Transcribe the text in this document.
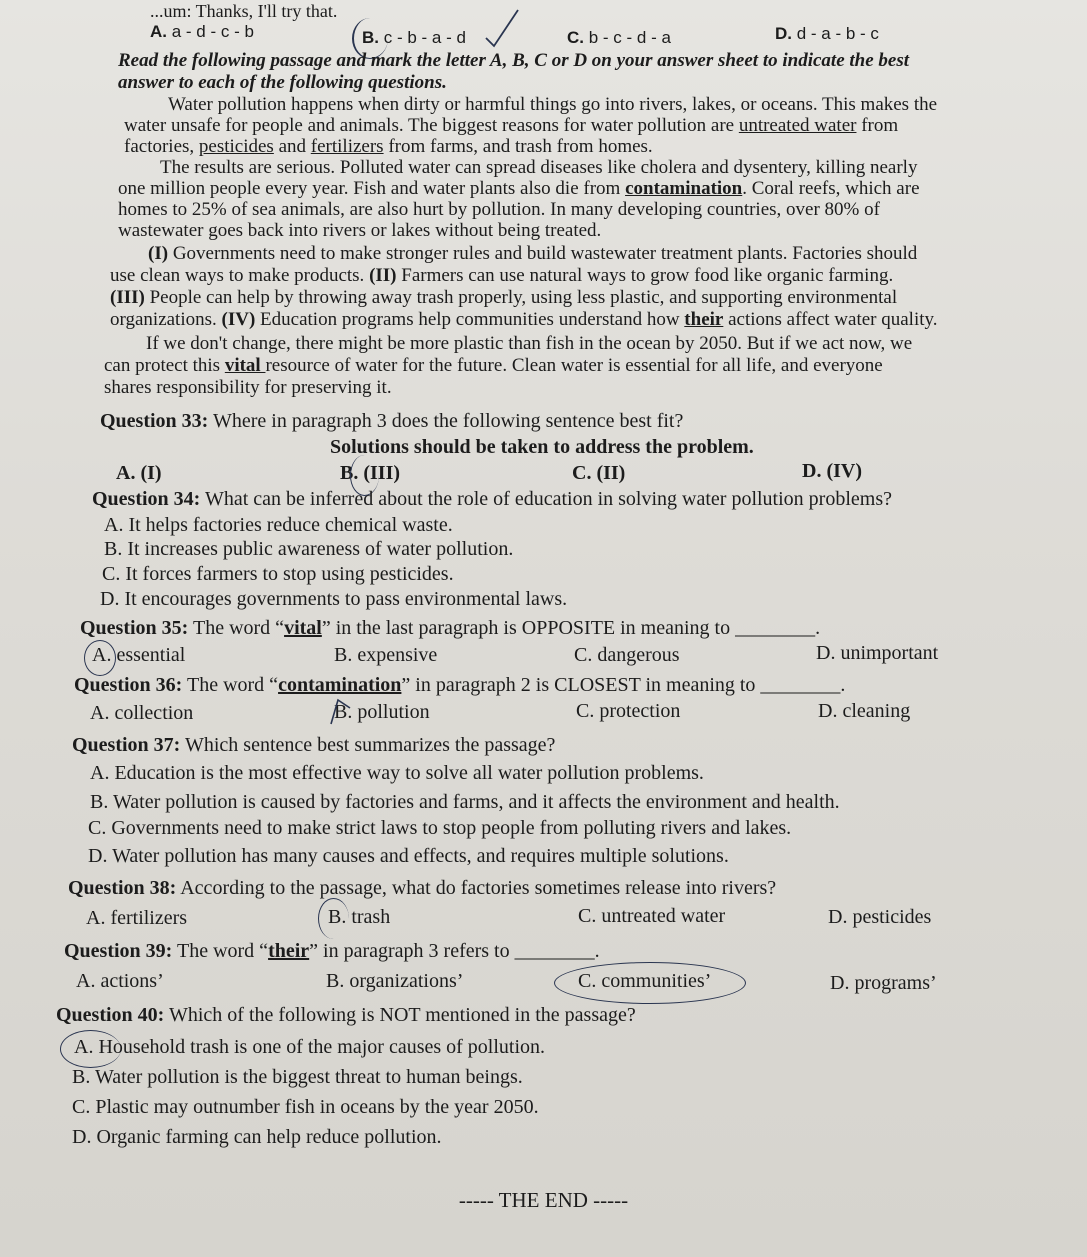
...um: Thanks, I'll try that.
A. a - d - c - b	B. c - b - a - d	C. b - c - d - a	D. d - a - b - c
Read the following passage and mark the letter A, B, C or D on your answer sheet to indicate the best
answer to each of the following questions.
Water pollution happens when dirty or harmful things go into rivers, lakes, or oceans. This makes the
water unsafe for people and animals. The biggest reasons for water pollution are untreated water from
factories, pesticides and fertilizers from farms, and trash from homes.
The results are serious. Polluted water can spread diseases like cholera and dysentery, killing nearly
one million people every year. Fish and water plants also die from contamination. Coral reefs, which are
homes to 25% of sea animals, are also hurt by pollution. In many developing countries, over 80% of
wastewater goes back into rivers or lakes without being treated.
(I) Governments need to make stronger rules and build wastewater treatment plants. Factories should
use clean ways to make products. (II) Farmers can use natural ways to grow food like organic farming.
(III) People can help by throwing away trash properly, using less plastic, and supporting environmental
organizations. (IV) Education programs help communities understand how their actions affect water quality.
If we don't change, there might be more plastic than fish in the ocean by 2050. But if we act now, we
can protect this vital resource of water for the future. Clean water is essential for all life, and everyone
shares responsibility for preserving it.
Question 33: Where in paragraph 3 does the following sentence best fit?
Solutions should be taken to address the problem.
A. (I)	B. (III)	C. (II)	D. (IV)
Question 34: What can be inferred about the role of education in solving water pollution problems?
A. It helps factories reduce chemical waste.
B. It increases public awareness of water pollution.
C. It forces farmers to stop using pesticides.
D. It encourages governments to pass environmental laws.
Question 35: The word “vital” in the last paragraph is OPPOSITE in meaning to ________.
A. essential	B. expensive	C. dangerous	D. unimportant
Question 36: The word “contamination” in paragraph 2 is CLOSEST in meaning to ________.
A. collection	B. pollution	C. protection	D. cleaning
Question 37: Which sentence best summarizes the passage?
A. Education is the most effective way to solve all water pollution problems.
B. Water pollution is caused by factories and farms, and it affects the environment and health.
C. Governments need to make strict laws to stop people from polluting rivers and lakes.
D. Water pollution has many causes and effects, and requires multiple solutions.
Question 38: According to the passage, what do factories sometimes release into rivers?
A. fertilizers	B. trash	C. untreated water	D. pesticides
Question 39: The word “their” in paragraph 3 refers to ________.
A. actions’	B. organizations’	C. communities’	D. programs’
Question 40: Which of the following is NOT mentioned in the passage?
A. Household trash is one of the major causes of pollution.
B. Water pollution is the biggest threat to human beings.
C. Plastic may outnumber fish in oceans by the year 2050.
D. Organic farming can help reduce pollution.
----- THE END -----
